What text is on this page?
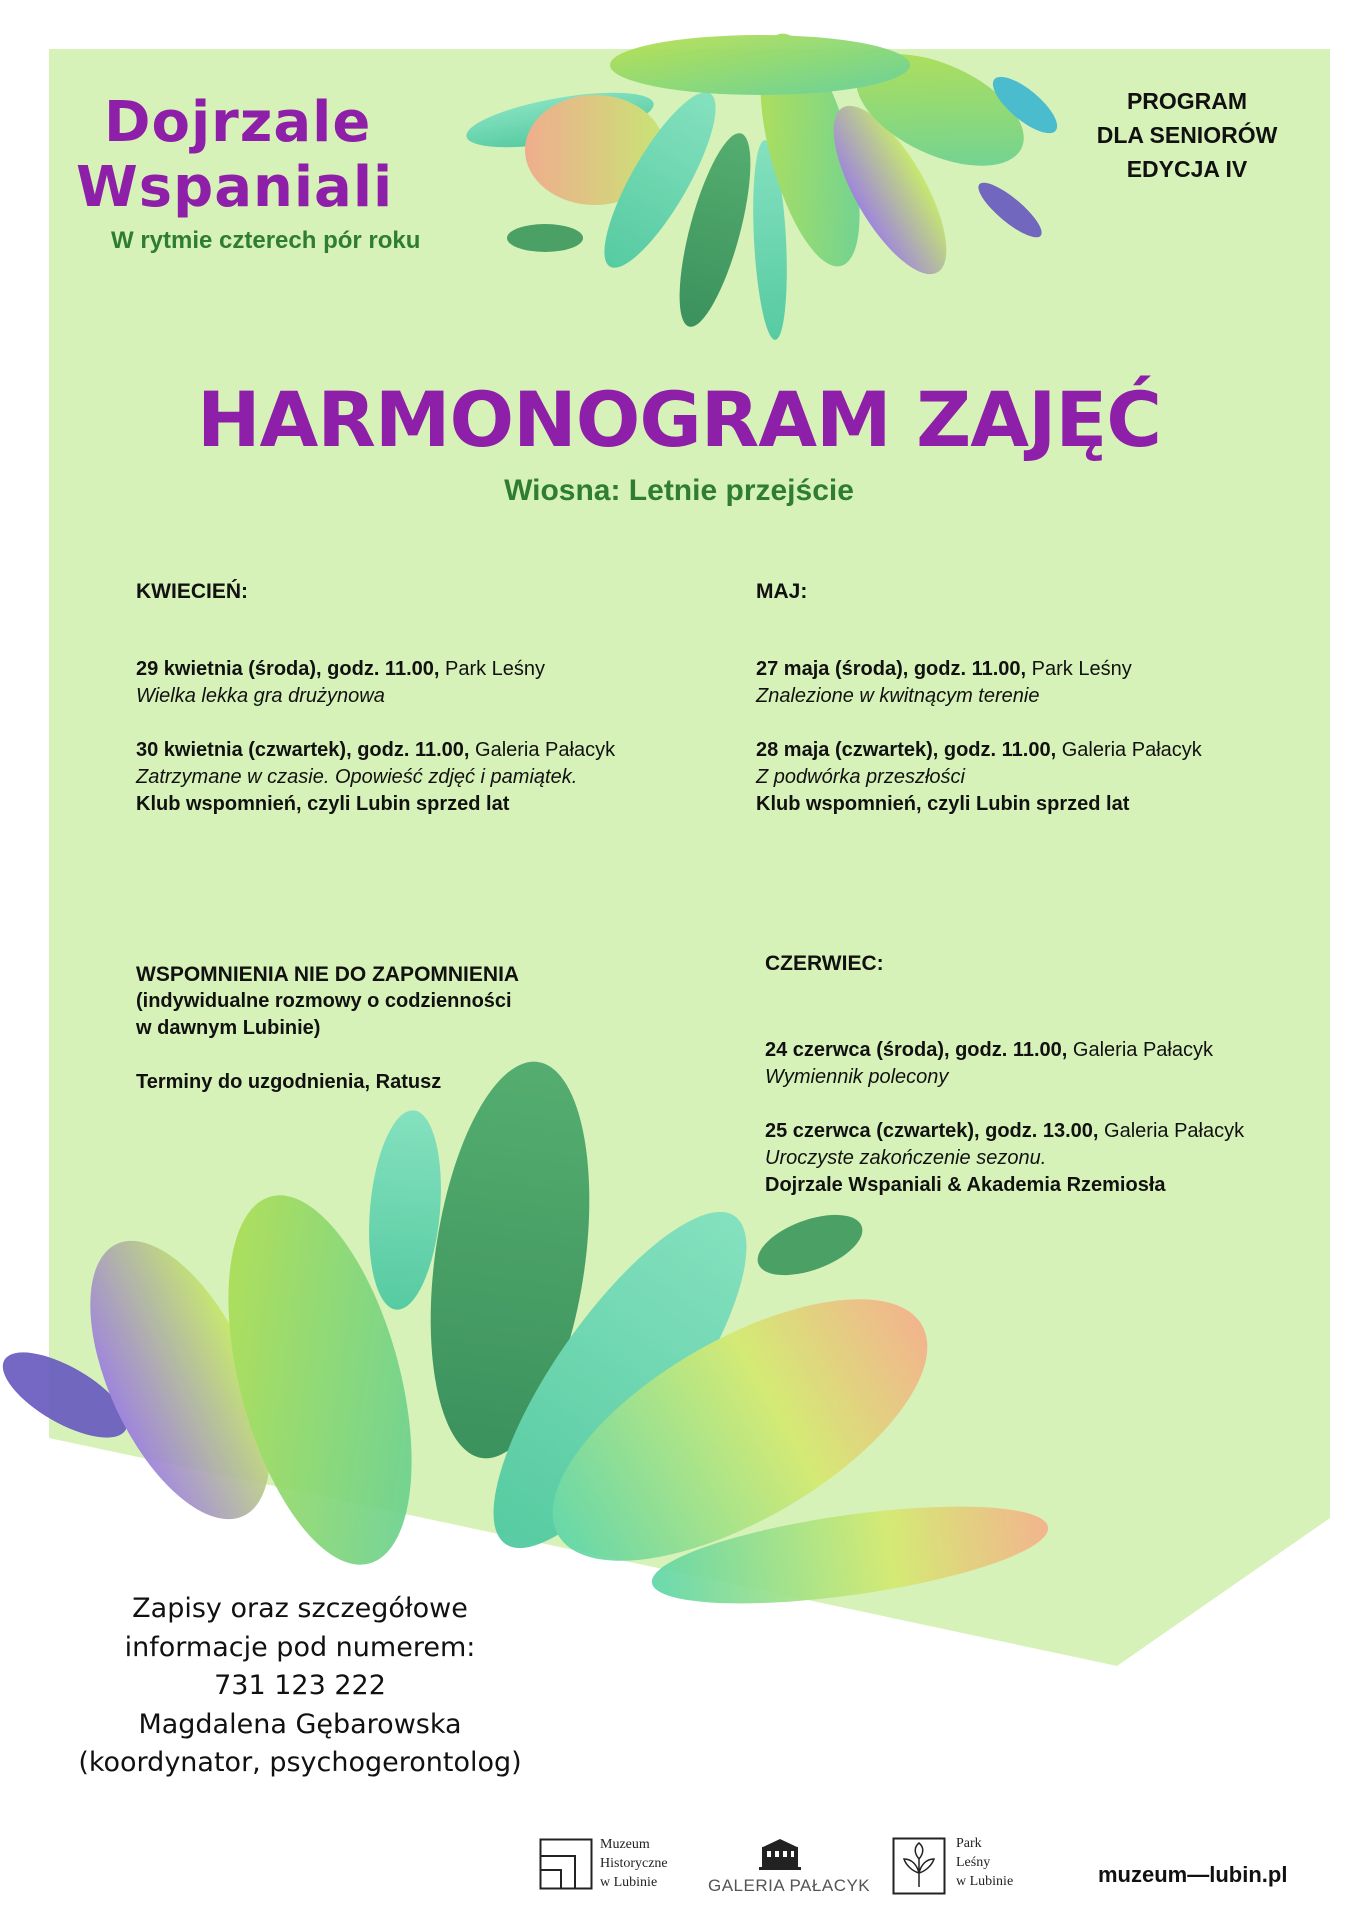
Dojrzale
Wspaniali
W rytmie czterech pór roku
PROGRAM
DLA SENIORÓW
EDYCJA IV
HARMONOGRAM ZAJĘĆ
Wiosna: Letnie przejście
KWIECIEŃ:
29 kwietnia (środa), godz. 11.00, Park Leśny
Wielka lekka gra drużynowa
30 kwietnia (czwartek), godz. 11.00, Galeria Pałacyk
Zatrzymane w czasie. Opowieść zdjęć i pamiątek.
Klub wspomnień, czyli Lubin sprzed lat
MAJ:
27 maja (środa), godz. 11.00, Park Leśny
Znalezione w kwitnącym terenie
28 maja (czwartek), godz. 11.00, Galeria Pałacyk
Z podwórka przeszłości
Klub wspomnień, czyli Lubin sprzed lat
WSPOMNIENIA NIE DO ZAPOMNIENIA
(indywidualne rozmowy o codzienności
w dawnym Lubinie)
Terminy do uzgodnienia, Ratusz
CZERWIEC:
24 czerwca (środa), godz. 11.00, Galeria Pałacyk
Wymiennik polecony
25 czerwca (czwartek), godz. 13.00, Galeria Pałacyk
Uroczyste zakończenie sezonu.
Dojrzale Wspaniali & Akademia Rzemiosła
Zapisy oraz szczegółowe
informacje pod numerem:
731 123 222
Magdalena Gębarowska
(koordynator, psychogerontolog)
Muzeum
Historyczne
w Lubinie	GALERIA PAŁACYK
Park
Leśny
w Lubinie	muzeum—lubin.pl
